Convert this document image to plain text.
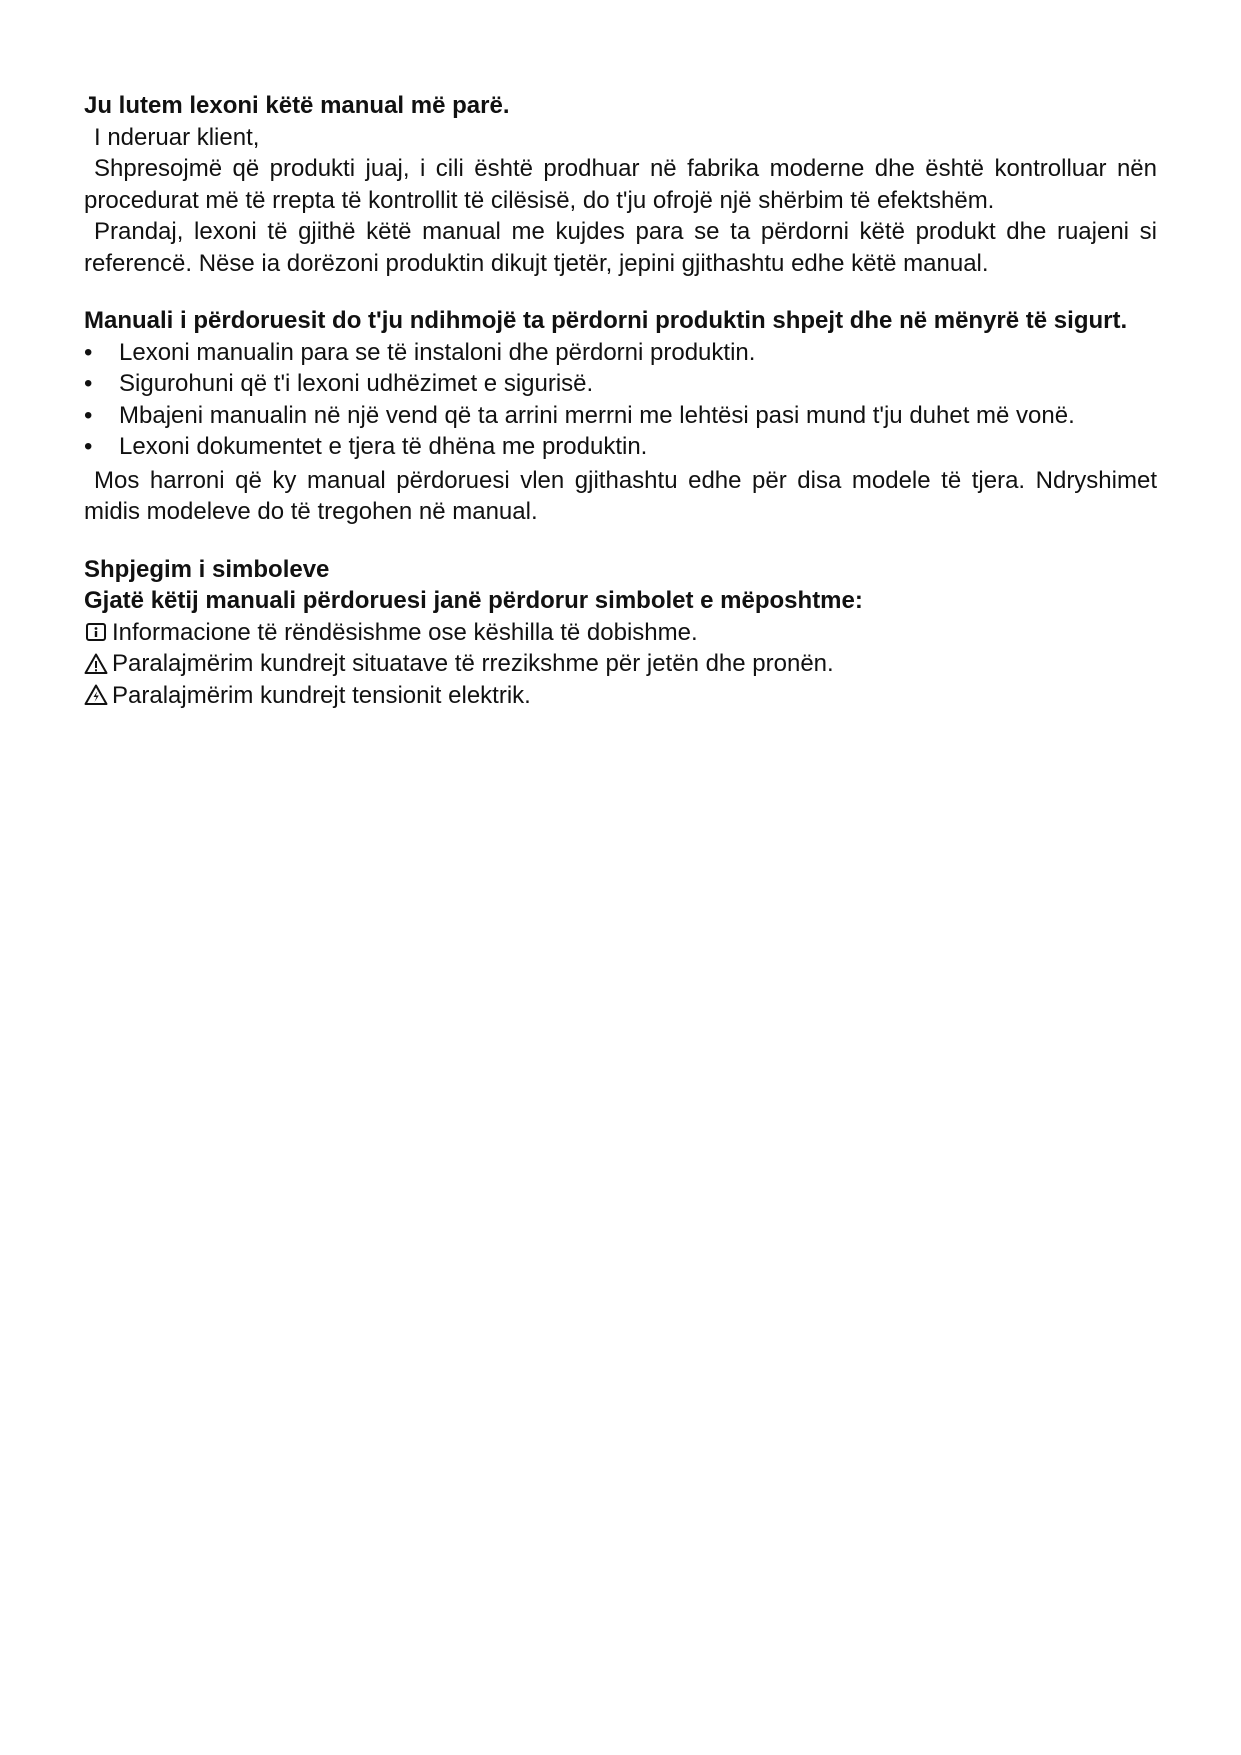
Ju lutem lexoni këtë manual më parë.

I nderuar klient,

Shpresojmë që produkti juaj, i cili është prodhuar në fabrika moderne dhe është kontrolluar nën procedurat më të rrepta të kontrollit të cilësisë, do t'ju ofrojë një shërbim të efektshëm.

Prandaj, lexoni të gjithë këtë manual me kujdes para se ta përdorni këtë produkt dhe ruajeni si referencë. Nëse ia dorëzoni produktin dikujt tjetër, jepini gjithashtu edhe këtë manual.

Manuali i përdoruesit do t'ju ndihmojë ta përdorni produktin shpejt dhe në mënyrë të sigurt.

• Lexoni manualin para se të instaloni dhe përdorni produktin.
• Sigurohuni që t'i lexoni udhëzimet e sigurisë.
• Mbajeni manualin në një vend që ta arrini merrni me lehtësi pasi mund t'ju duhet më vonë.
• Lexoni dokumentet e tjera të dhëna me produktin.

Mos harroni që ky manual përdoruesi vlen gjithashtu edhe për disa modele të tjera. Ndryshimet midis modeleve do të tregohen në manual.

Shpjegim i simboleve

Gjatë këtij manuali përdoruesi janë përdorur simbolet e mëposhtme:

Informacione të rëndësishme ose këshilla të dobishme.

Paralajmërim kundrejt situatave të rrezikshme për jetën dhe pronën.

Paralajmërim kundrejt tensionit elektrik.
